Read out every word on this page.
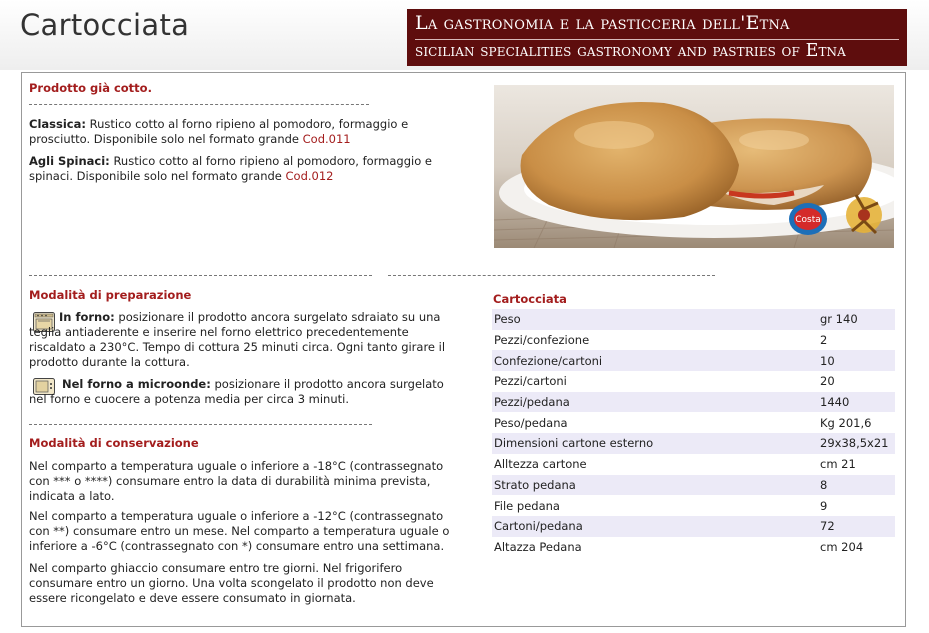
Cartocciata	La gastronomia e la pasticceria dell'Etna
sicilian specialities gastronomy and pastries of Etna
Prodotto già cotto.
Classica: Rustico cotto al forno ripieno al pomodoro, formaggio e prosciutto. Disponibile solo nel formato grande Cod.011
Agli Spinaci: Rustico cotto al forno ripieno al pomodoro, formaggio e spinaci. Disponibile solo nel formato grande Cod.012
Costa
Modalità di preparazione
In forno: posizionare il prodotto ancora surgelato sdraiato su una teglia antiaderente e inserire nel forno elettrico precedentemente riscaldato a 230°C. Tempo di cottura 25 minuti circa. Ogni tanto girare il prodotto durante la cottura.
Nel forno a microonde: posizionare il prodotto ancora surgelato nel forno e cuocere a potenza media per circa 3 minuti.
Modalità di conservazione
Nel comparto a temperatura uguale o inferiore a -18°C (contrassegnato con *** o ****) consumare entro la data di durabilità minima prevista, indicata a lato.
Nel comparto a temperatura uguale o inferiore a -12°C (contrassegnato con **) consumare entro un mese. Nel comparto a temperatura uguale o inferiore a -6°C (contrassegnato con *) consumare entro una settimana.
Nel comparto ghiaccio consumare entro tre giorni. Nel frigorifero consumare entro un giorno. Una volta scongelato il prodotto non deve essere ricongelato e deve essere consumato in giornata.
Cartocciata
Peso	gr 140
Pezzi/confezione	2
Confezione/cartoni	10
Pezzi/cartoni	20
Pezzi/pedana	1440
Peso/pedana	Kg 201,6
Dimensioni cartone esterno	29x38,5x21
Alltezza cartone	cm 21
Strato pedana	8
File pedana	9
Cartoni/pedana	72
Altazza Pedana	cm 204
